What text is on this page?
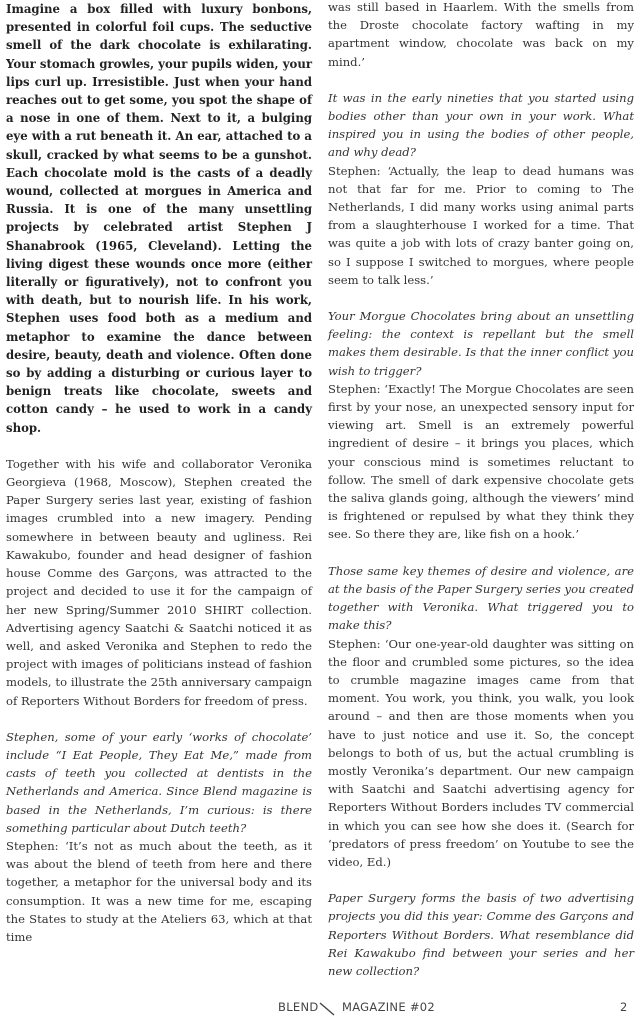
Imagine a box filled with luxury bonbons, presented in colorful foil cups. The seductive smell of the dark chocolate is exhilarating. Your stomach growles, your pupils widen, your lips curl up. Irresistible. Just when your hand reaches out to get some, you spot the shape of a nose in one of them. Next to it, a bulging eye with a rut beneath it. An ear, attached to a skull, cracked by what seems to be a gunshot. Each chocolate mold is the casts of a deadly wound, collected at morgues in America and Russia. It is one of the many unsettling projects by celebrated artist Stephen J Shanabrook (1965, Cleveland). Letting the living digest these wounds once more (either literally or figuratively), not to confront you with death, but to nourish life. In his work, Stephen uses food both as a medium and metaphor to examine the dance between desire, beauty, death and violence. Often done so by adding a disturbing or curious layer to benign treats like chocolate, sweets and cotton candy – he used to work in a candy shop.

Together with his wife and collaborator Veronika Georgieva (1968, Moscow), Stephen created the Paper Surgery series last year, existing of fashion images crumbled into a new imagery. Pending somewhere in between beauty and ugliness. Rei Kawakubo, founder and head designer of fashion house Comme des Garçons, was attracted to the project and decided to use it for the campaign of her new Spring/Summer 2010 SHIRT collection. Advertising agency Saatchi & Saatchi noticed it as well, and asked Veronika and Stephen to redo the project with images of politicians instead of fashion models, to illustrate the 25th anniversary campaign of Reporters Without Borders for freedom of press.

Stephen, some of your early ‘works of chocolate’ include “I Eat People, They Eat Me,” made from casts of teeth you collected at dentists in the Netherlands and America. Since Blend magazine is based in the Netherlands, I’m curious: is there something particular about Dutch teeth?

Stephen: ‘It’s not as much about the teeth, as it was about the blend of teeth from here and there together, a metaphor for the universal body and its consumption. It was a new time for me, escaping the States to study at the Ateliers 63, which at that time

was still based in Haarlem. With the smells from the Droste chocolate factory wafting in my apartment window, chocolate was back on my mind.’

It was in the early nineties that you started using bodies other than your own in your work. What inspired you in using the bodies of other people, and why dead?

Stephen: ‘Actually, the leap to dead humans was not that far for me. Prior to coming to The Netherlands, I did many works using animal parts from a slaughterhouse I worked for a time. That was quite a job with lots of crazy banter going on, so I suppose I switched to morgues, where people seem to talk less.’

Your Morgue Chocolates bring about an unsettling feeling: the context is repellant but the smell makes them desirable. Is that the inner conflict you wish to trigger?

Stephen: ‘Exactly! The Morgue Chocolates are seen first by your nose, an unexpected sensory input for viewing art. Smell is an extremely powerful ingredient of desire – it brings you places, which your conscious mind is sometimes reluctant to follow. The smell of dark expensive chocolate gets the saliva glands going, although the viewers’ mind is frightened or repulsed by what they think they see. So there they are, like fish on a hook.’

Those same key themes of desire and violence, are at the basis of the Paper Surgery series you created together with Veronika. What triggered you to make this?

Stephen: ‘Our one-year-old daughter was sitting on the floor and crumbled some pictures, so the idea to crumble magazine images came from that moment. You work, you think, you walk, you look around – and then are those moments when you have to just notice and use it. So, the concept belongs to both of us, but the actual crumbling is mostly Veronika’s department. Our new campaign with Saatchi and Saatchi advertising agency for Reporters Without Borders includes TV commercial in which you can see how she does it. (Search for ‘predators of press freedom’ on Youtube to see the video, Ed.)

Paper Surgery forms the basis of two advertising projects you did this year: Comme des Garçons and Reporters Without Borders. What resemblance did Rei Kawakubo find between your series and her new collection?

BLEND MAGAZINE #02	2
